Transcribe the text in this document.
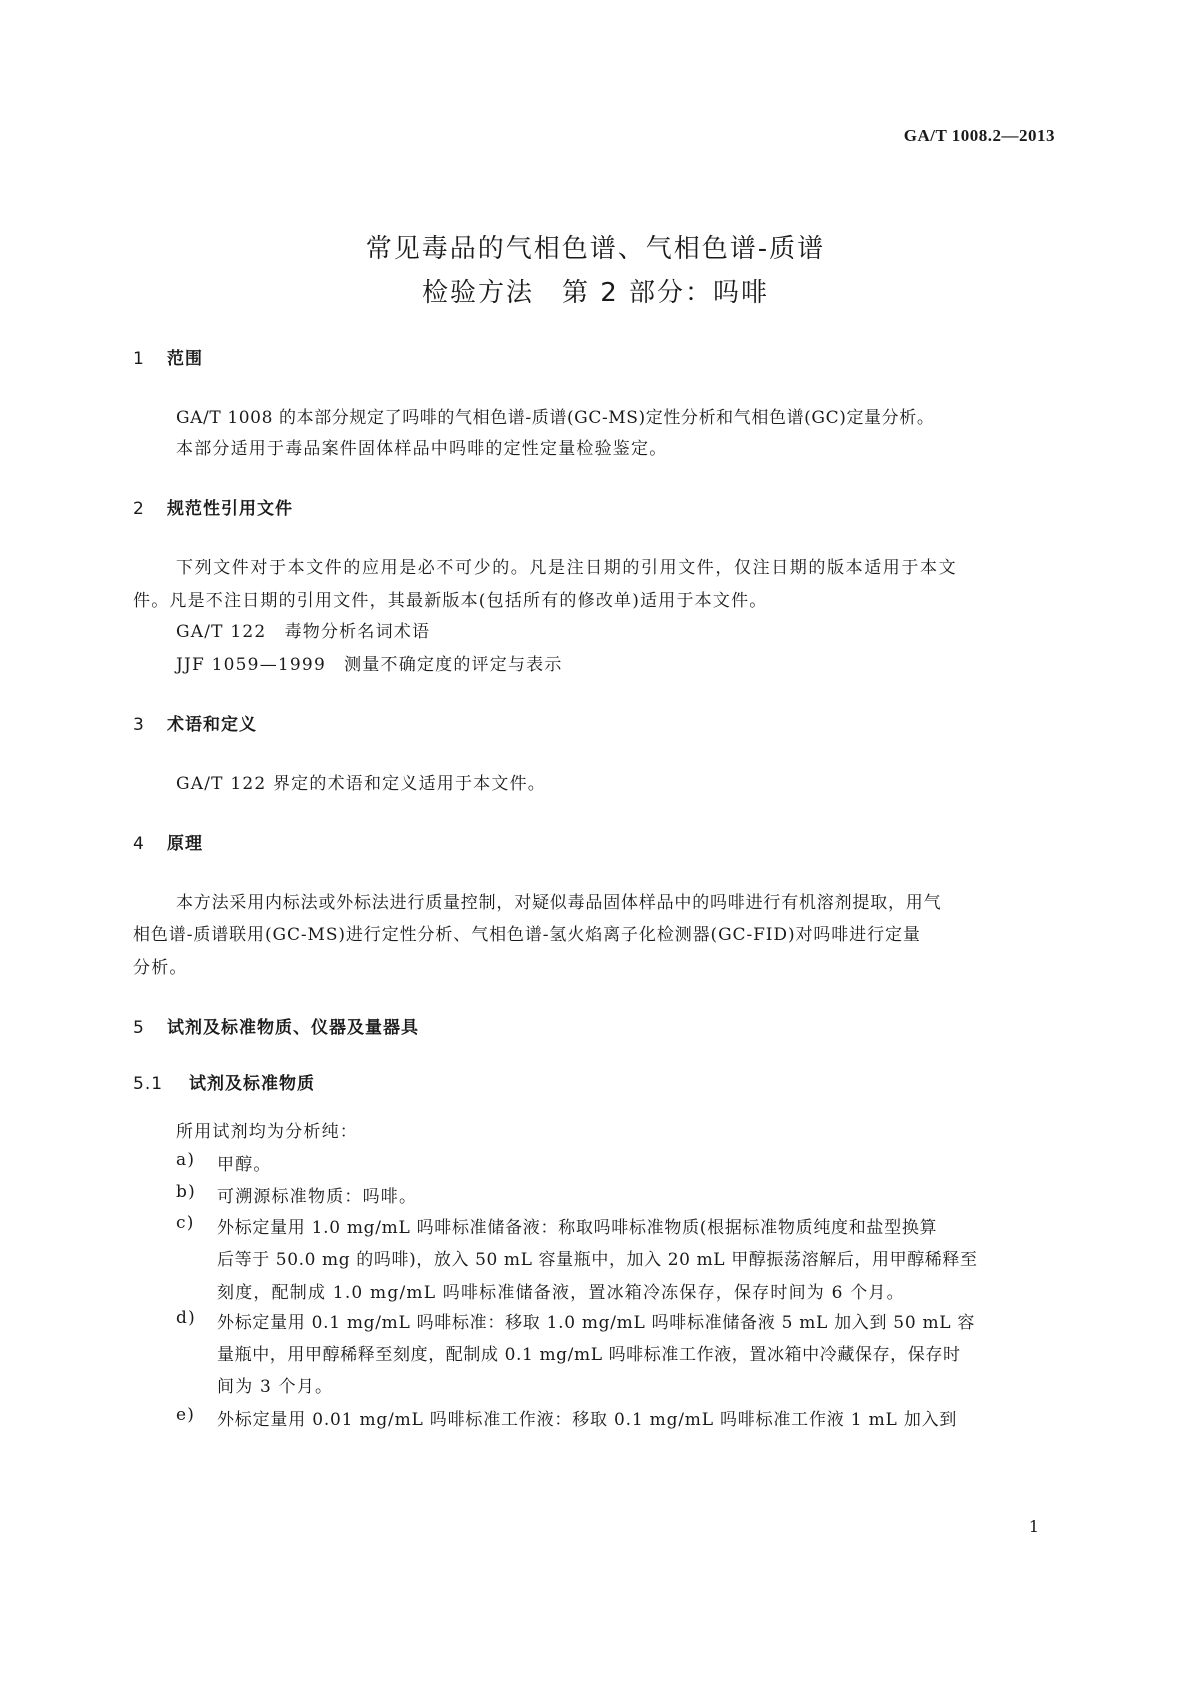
GA/T 1008.2—2013
常见毒品的气相色谱、气相色谱-质谱
检验方法　第 2 部分：吗啡
1 范围
GA/T 1008 的本部分规定了吗啡的气相色谱-质谱(GC-MS)定性分析和气相色谱(GC)定量分析。
本部分适用于毒品案件固体样品中吗啡的定性定量检验鉴定。
2 规范性引用文件
下列文件对于本文件的应用是必不可少的。凡是注日期的引用文件，仅注日期的版本适用于本文
件。凡是不注日期的引用文件，其最新版本(包括所有的修改单)适用于本文件。
GA/T 122　毒物分析名词术语
JJF 1059—1999　测量不确定度的评定与表示
3 术语和定义
GA/T 122 界定的术语和定义适用于本文件。
4 原理
本方法采用内标法或外标法进行质量控制，对疑似毒品固体样品中的吗啡进行有机溶剂提取，用气
相色谱-质谱联用(GC-MS)进行定性分析、气相色谱-氢火焰离子化检测器(GC-FID)对吗啡进行定量
分析。
5 试剂及标准物质、仪器及量器具
5.1 试剂及标准物质
所用试剂均为分析纯：
a) 甲醇。
b) 可溯源标准物质：吗啡。
c) 外标定量用 1.0 mg/mL 吗啡标准储备液：称取吗啡标准物质(根据标准物质纯度和盐型换算
后等于 50.0 mg 的吗啡)，放入 50 mL 容量瓶中，加入 20 mL 甲醇振荡溶解后，用甲醇稀释至
刻度，配制成 1.0 mg/mL 吗啡标准储备液，置冰箱冷冻保存，保存时间为 6 个月。
d) 外标定量用 0.1 mg/mL 吗啡标准：移取 1.0 mg/mL 吗啡标准储备液 5 mL 加入到 50 mL 容
量瓶中，用甲醇稀释至刻度，配制成 0.1 mg/mL 吗啡标准工作液，置冰箱中冷藏保存，保存时
间为 3 个月。
e) 外标定量用 0.01 mg/mL 吗啡标准工作液：移取 0.1 mg/mL 吗啡标准工作液 1 mL 加入到
1
